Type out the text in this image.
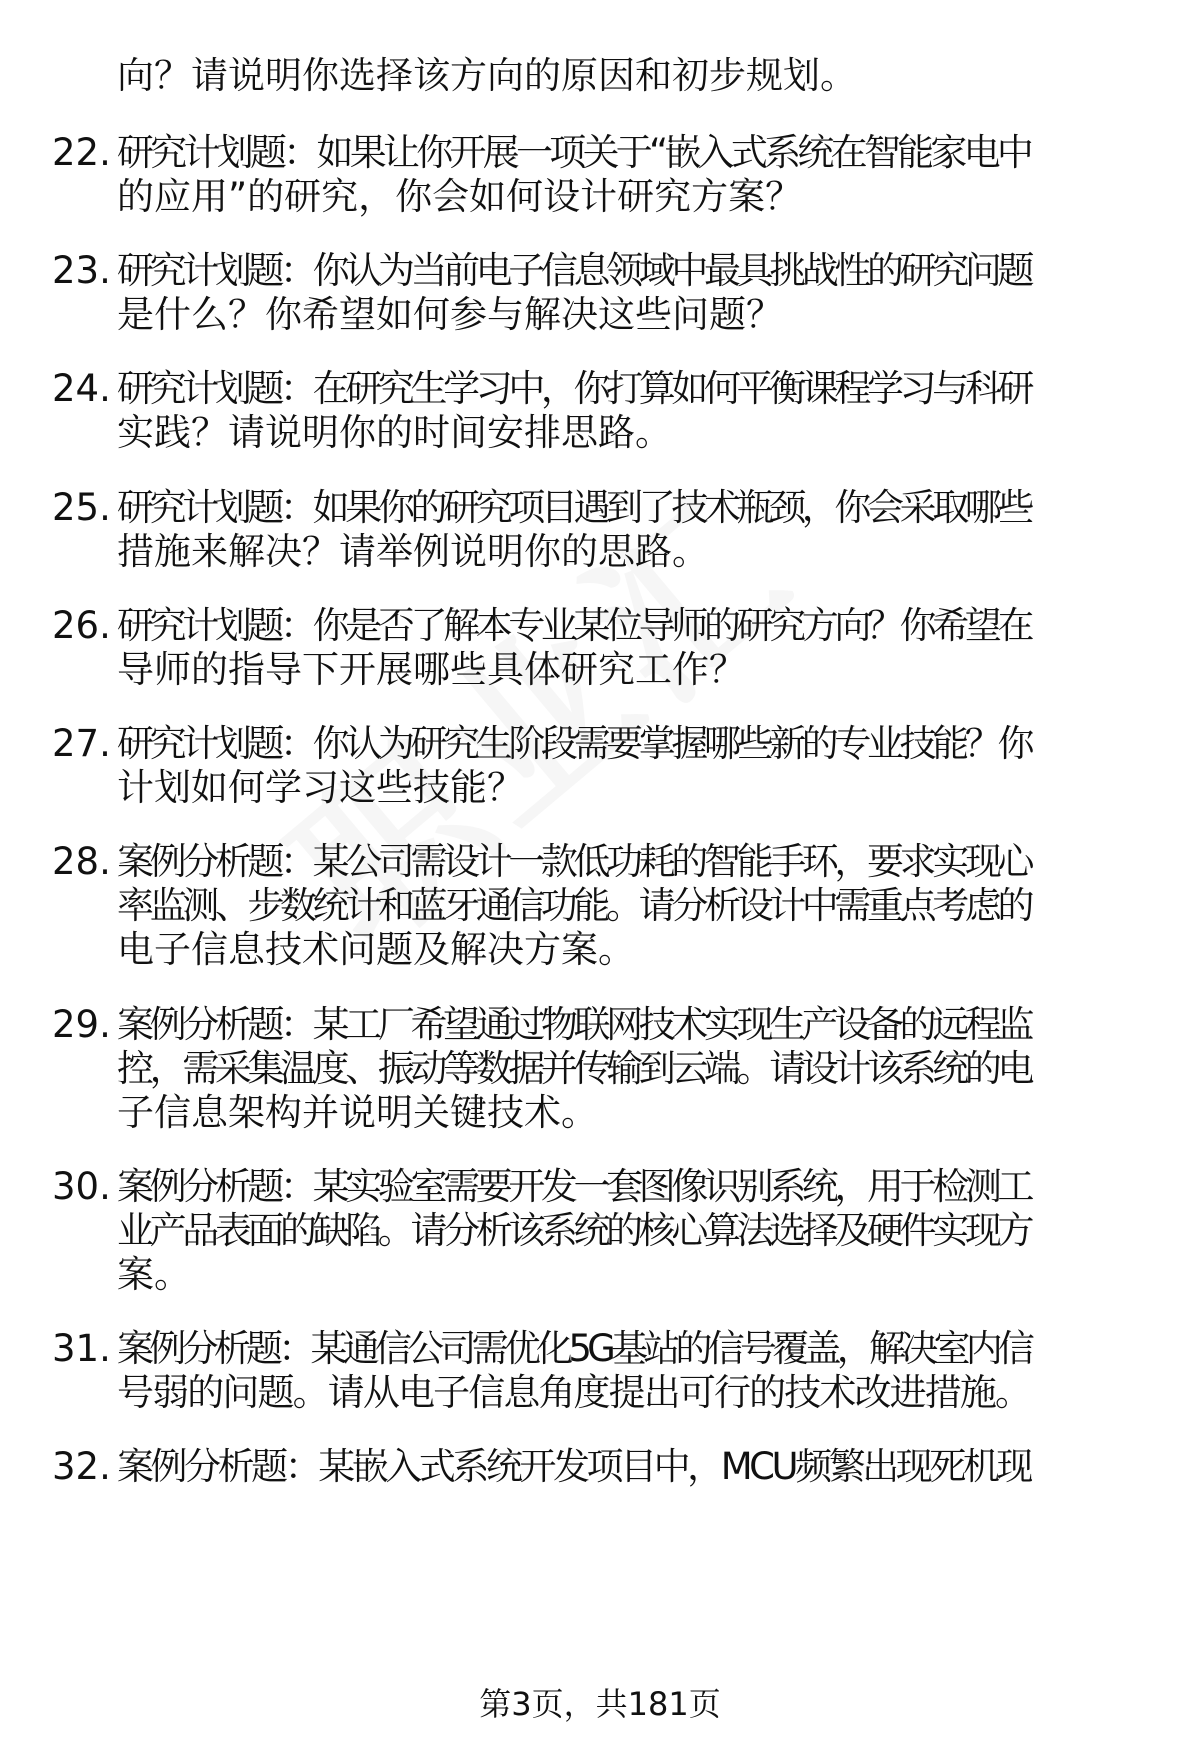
向？请说明你选择该方向的原因和初步规划。
22. 研究计划题：如果让你开展一项关于“嵌入式系统在智能家电中
的应用”的研究，你会如何设计研究方案？
23. 研究计划题：你认为当前电子信息领域中最具挑战性的研究问题
是什么？你希望如何参与解决这些问题？
24. 研究计划题：在研究生学习中，你打算如何平衡课程学习与科研
实践？请说明你的时间安排思路。
25. 研究计划题：如果你的研究项目遇到了技术瓶颈，你会采取哪些
措施来解决？请举例说明你的思路。
26. 研究计划题：你是否了解本专业某位导师的研究方向？你希望在
导师的指导下开展哪些具体研究工作？
27. 研究计划题：你认为研究生阶段需要掌握哪些新的专业技能？你
计划如何学习这些技能？
28. 案例分析题：某公司需设计一款低功耗的智能手环，要求实现心
率监测、步数统计和蓝牙通信功能。请分析设计中需重点考虑的
电子信息技术问题及解决方案。
29. 案例分析题：某工厂希望通过物联网技术实现生产设备的远程监
控，需采集温度、振动等数据并传输到云端。请设计该系统的电
子信息架构并说明关键技术。
30. 案例分析题：某实验室需要开发一套图像识别系统，用于检测工
业产品表面的缺陷。请分析该系统的核心算法选择及硬件实现方
案。
31. 案例分析题：某通信公司需优化5G基站的信号覆盖，解决室内信
号弱的问题。请从电子信息角度提出可行的技术改进措施。
32. 案例分析题：某嵌入式系统开发项目中，MCU频繁出现死机现
第3页，共181页
